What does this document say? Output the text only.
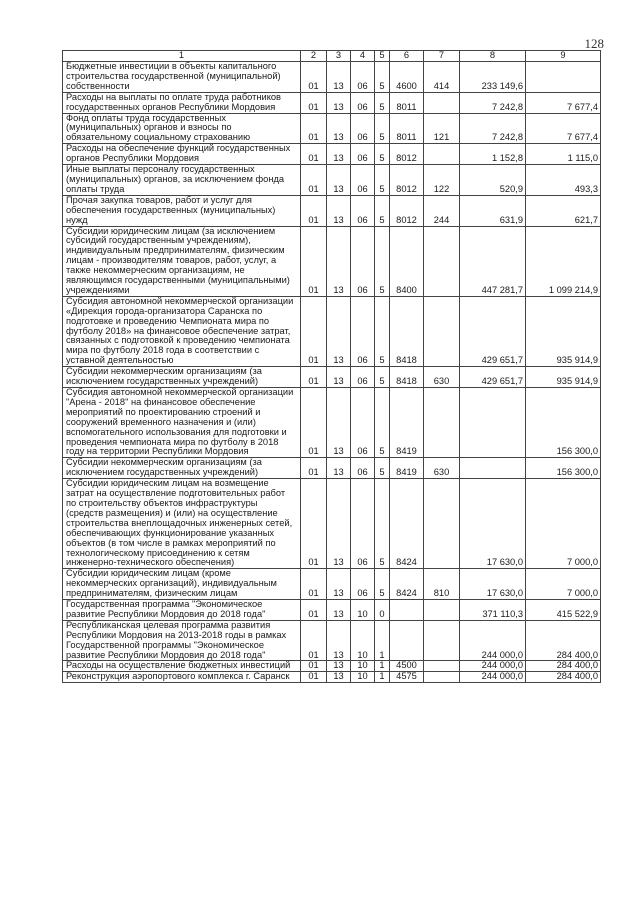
128
1	2	3	4	5	6	7	8	9
Бюджетные инвестиции в объекты капитального строительства государственной (муниципальной) собственности	01	13	06	5	4600	414	233 149,6	
Расходы на выплаты по оплате труда работников государственных органов Республики Мордовия	01	13	06	5	8011		7 242,8	7 677,4
Фонд оплаты труда государственных (муниципальных) органов и взносы по обязательному социальному страхованию	01	13	06	5	8011	121	7 242,8	7 677,4
Расходы на обеспечение функций государственных органов Республики Мордовия	01	13	06	5	8012		1 152,8	1 115,0
Иные выплаты персоналу государственных (муниципальных) органов, за исключением фонда оплаты труда	01	13	06	5	8012	122	520,9	493,3
Прочая закупка товаров, работ и услуг для обеспечения государственных (муниципальных) нужд	01	13	06	5	8012	244	631,9	621,7
Субсидии юридическим лицам (за исключением субсидий государственным учреждениям), индивидуальным предпринимателям, физическим лицам - производителям товаров, работ, услуг, а также некоммерческим организациям, не являющимся государственными (муниципальными) учреждениями	01	13	06	5	8400		447 281,7	1 099 214,9
Субсидия автономной некоммерческой организации «Дирекция города-организатора Саранска по подготовке и проведению Чемпионата мира по футболу 2018» на финансовое обеспечение затрат, связанных с подготовкой к проведению чемпионата мира по футболу 2018 года в соответствии с уставной деятельностью	01	13	06	5	8418		429 651,7	935 914,9
Субсидии некоммерческим организациям (за исключением государственных учреждений)	01	13	06	5	8418	630	429 651,7	935 914,9
Субсидия автономной некоммерческой организации "Арена - 2018" на финансовое обеспечение мероприятий по проектированию строений и сооружений временного назначения и (или) вспомогательного использования для подготовки и проведения чемпионата мира по футболу в 2018 году на территории Республики Мордовия	01	13	06	5	8419			156 300,0
Субсидии некоммерческим организациям (за исключением государственных учреждений)	01	13	06	5	8419	630		156 300,0
Субсидии юридическим лицам на возмещение затрат на осуществление подготовительных работ по строительству объектов инфраструктуры (средств размещения) и (или) на осуществление строительства внеплощадочных инженерных сетей, обеспечивающих функционирование указанных объектов (в том числе в рамках мероприятий по технологическому присоединению к сетям инженерно-технического обеспечения)	01	13	06	5	8424		17 630,0	7 000,0
Субсидии юридическим лицам (кроме некоммерческих организаций), индивидуальным предпринимателям, физическим лицам	01	13	06	5	8424	810	17 630,0	7 000,0
Государственная программа "Экономическое развитие Республики Мордовия до 2018 года"	01	13	10	0			371 110,3	415 522,9
Республиканская целевая программа развития Республики Мордовия на 2013-2018 годы в рамках Государственной программы "Экономическое развитие Республики Мордовия до 2018 года"	01	13	10	1			244 000,0	284 400,0
Расходы на осуществление бюджетных инвестиций	01	13	10	1	4500		244 000,0	284 400,0
Реконструкция аэропортового комплекса г. Саранск	01	13	10	1	4575		244 000,0	284 400,0
